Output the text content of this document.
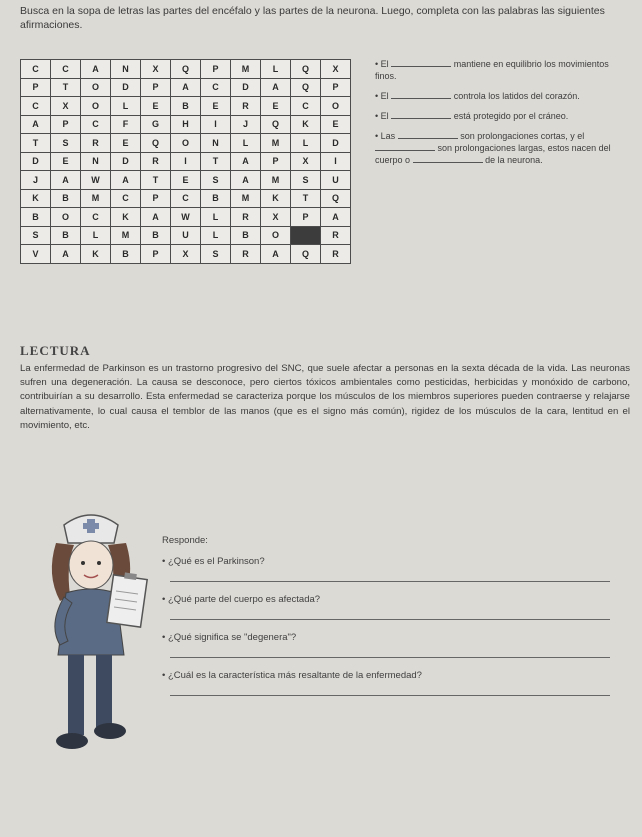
Busca en la sopa de letras las partes del encéfalo y las partes de la neurona. Luego, completa con las palabras las siguientes afirmaciones.

C	C	A	N	X	Q	P	M	L	Q	X
P	T	O	D	P	A	C	D	A	Q	P
C	X	O	L	E	B	E	R	E	C	O
A	P	C	F	G	H	I	J	Q	K	E
T	S	R	E	Q	O	N	L	M	L	D
D	E	N	D	R	I	T	A	P	X	I
J	A	W	A	T	E	S	A	M	S	U
K	B	M	C	P	C	B	M	K	T	Q
B	O	C	K	A	W	L	R	X	P	A
S	B	L	M	B	U	L	B	O		R
V	A	K	B	P	X	S	R	A	Q	R
• El	mantiene en equilibrio los movimientos finos.
• El	controla los latidos del corazón.
• El	está protegido por el cráneo.
• Las	son prolongaciones cortas, y el  son prolongaciones largas, estos nacen del cuerpo o	de la neurona.
LECTURA

La enfermedad de Parkinson es un trastorno progresivo del SNC, que suele afectar a personas en la sexta década de la vida. Las neuronas sufren una degeneración. La causa se desconoce, pero ciertos tóxicos ambientales como pesticidas, herbicidas y monóxido de carbono, contribuirían a su desarrollo. Esta enfermedad se caracteriza porque los músculos de los miembros superiores pueden contraerse y relajarse alternativamente, lo cual causa el temblor de las manos (que es el signo más común), rigidez de los músculos de la cara, lentitud en el movimiento, etc.

Responde:

• ¿Qué es el Parkinson?
• ¿Qué parte del cuerpo es afectada?
• ¿Qué significa se "degenera"?
• ¿Cuál es la característica más resaltante de la enfermedad?
